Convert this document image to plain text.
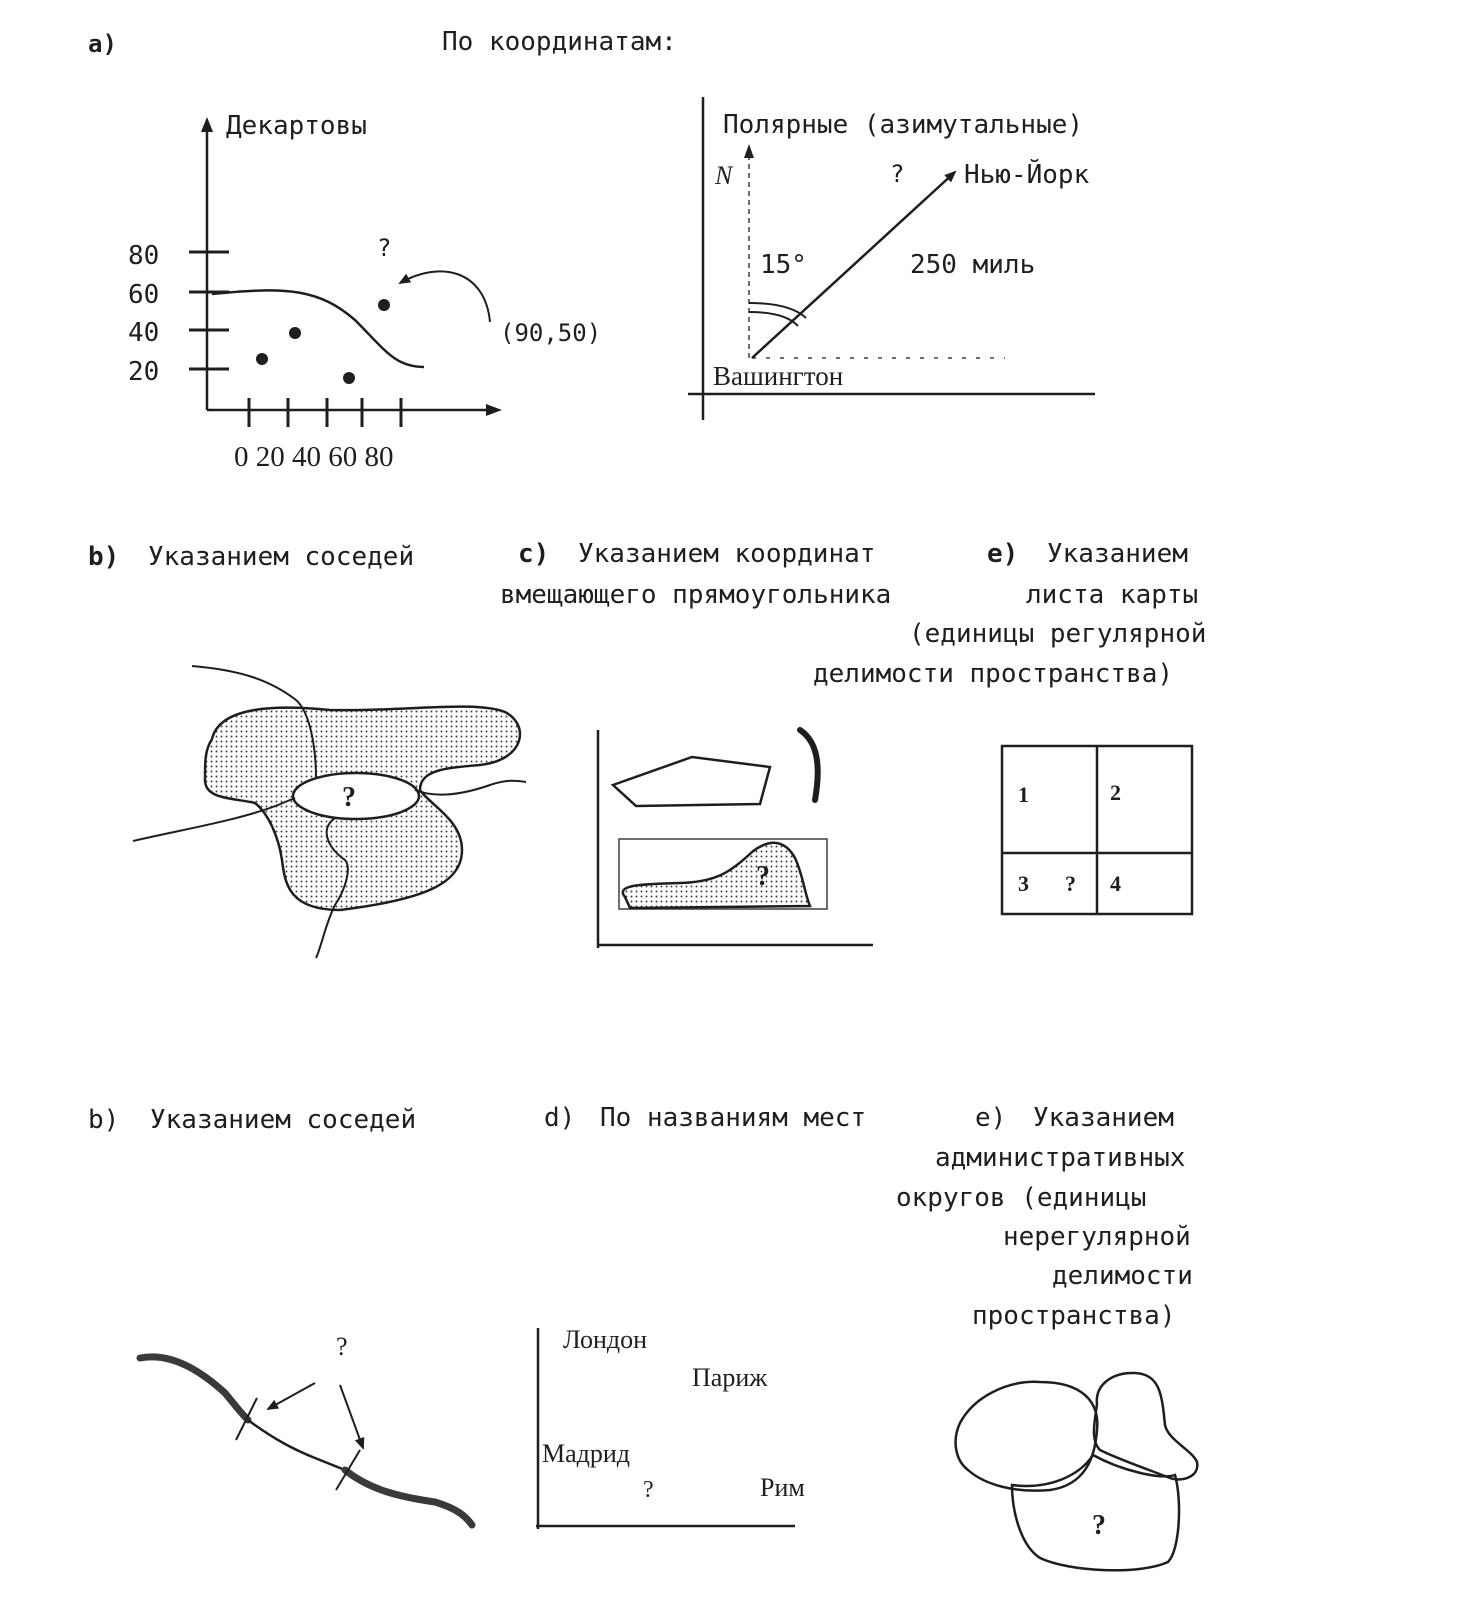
a)	По координатам:
Декартовы
80
60
40
20
0 20 40 60 80
?
(90,50)
Полярные (азимутальные)
N	? Нью-Йорк
15°	250 миль
Вашингтон
b) Указанием соседей	c) Указанием координат
вмещающего прямоугольника
e) Указанием
листа карты
(единицы регулярной
делимости пространства)
?
?
1	2
3 ? 4
b) Указанием соседей	d) По названиям мест	e) Указанием
административных
округов (единицы
нерегулярной
делимости
пространства)
?	Лондон
Париж
Мадрид
?	Рим
?
